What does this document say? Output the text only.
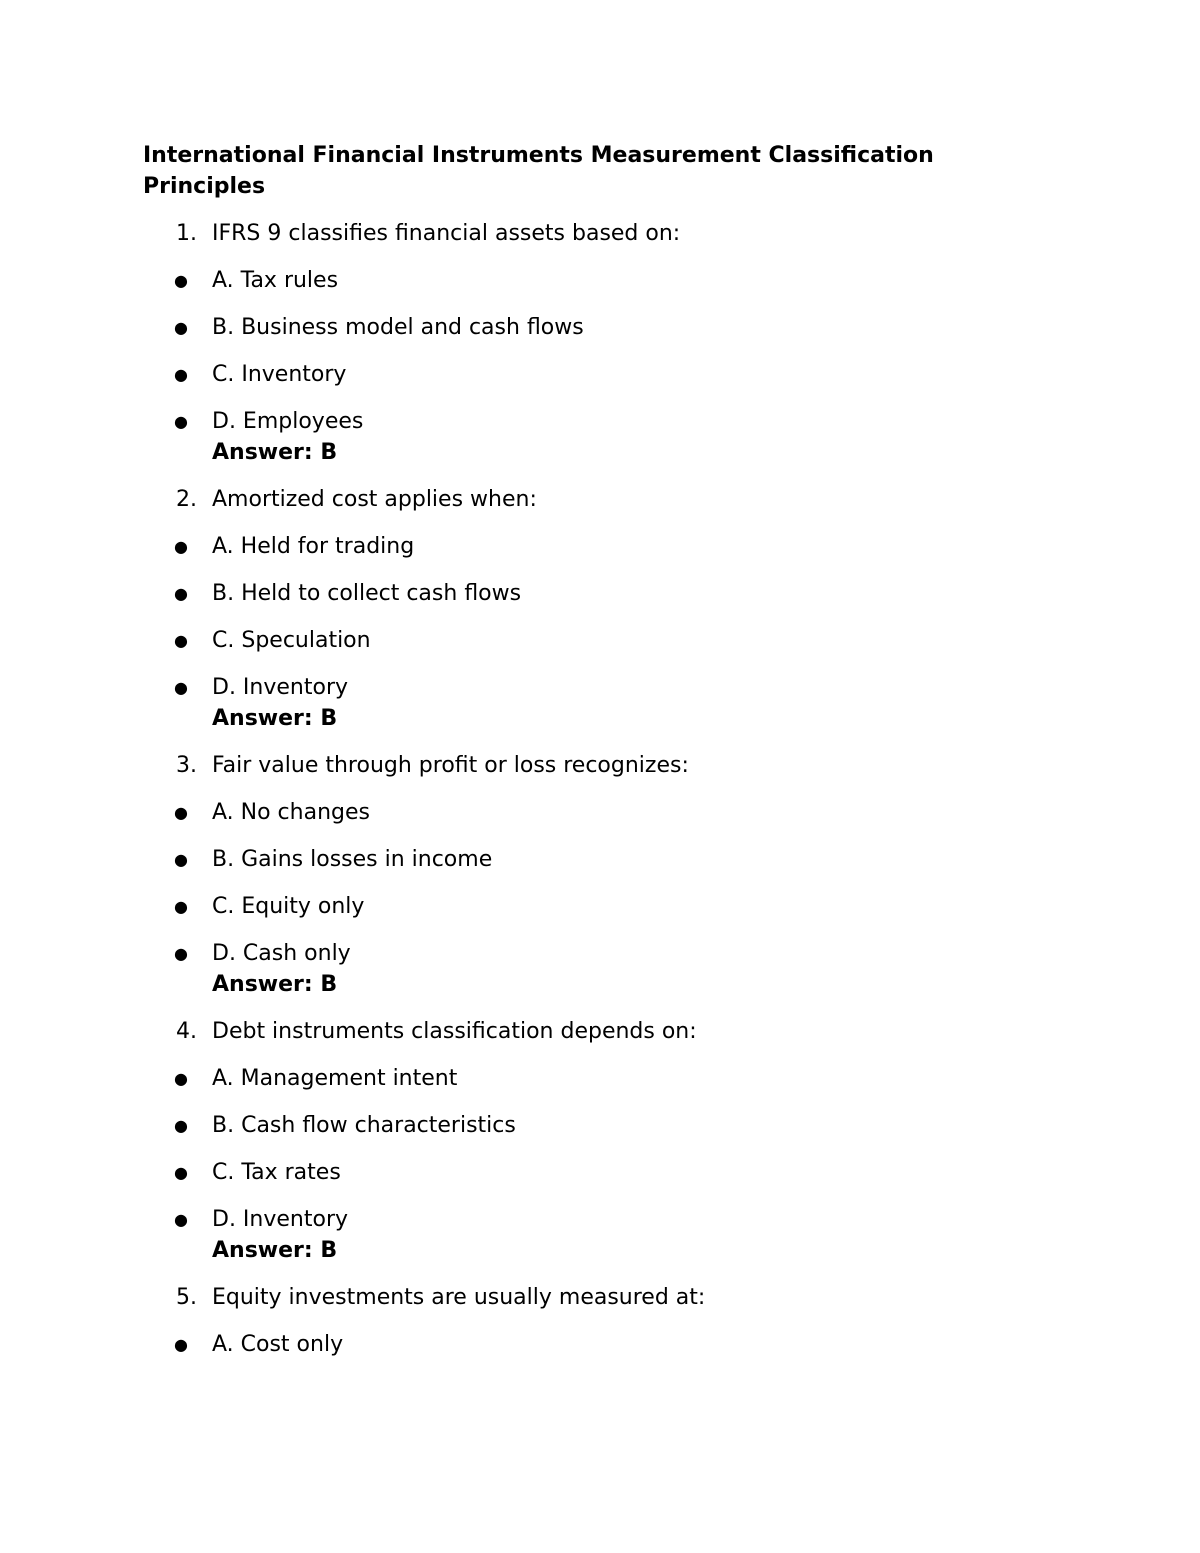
International Financial Instruments Measurement Classification Principles
1. IFRS 9 classifies financial assets based on:
● A. Tax rules
● B. Business model and cash flows
● C. Inventory
● D. Employees
Answer: B
2. Amortized cost applies when:
● A. Held for trading
● B. Held to collect cash flows
● C. Speculation
● D. Inventory
Answer: B
3. Fair value through profit or loss recognizes:
● A. No changes
● B. Gains losses in income
● C. Equity only
● D. Cash only
Answer: B
4. Debt instruments classification depends on:
● A. Management intent
● B. Cash flow characteristics
● C. Tax rates
● D. Inventory
Answer: B
5. Equity investments are usually measured at:
● A. Cost only
